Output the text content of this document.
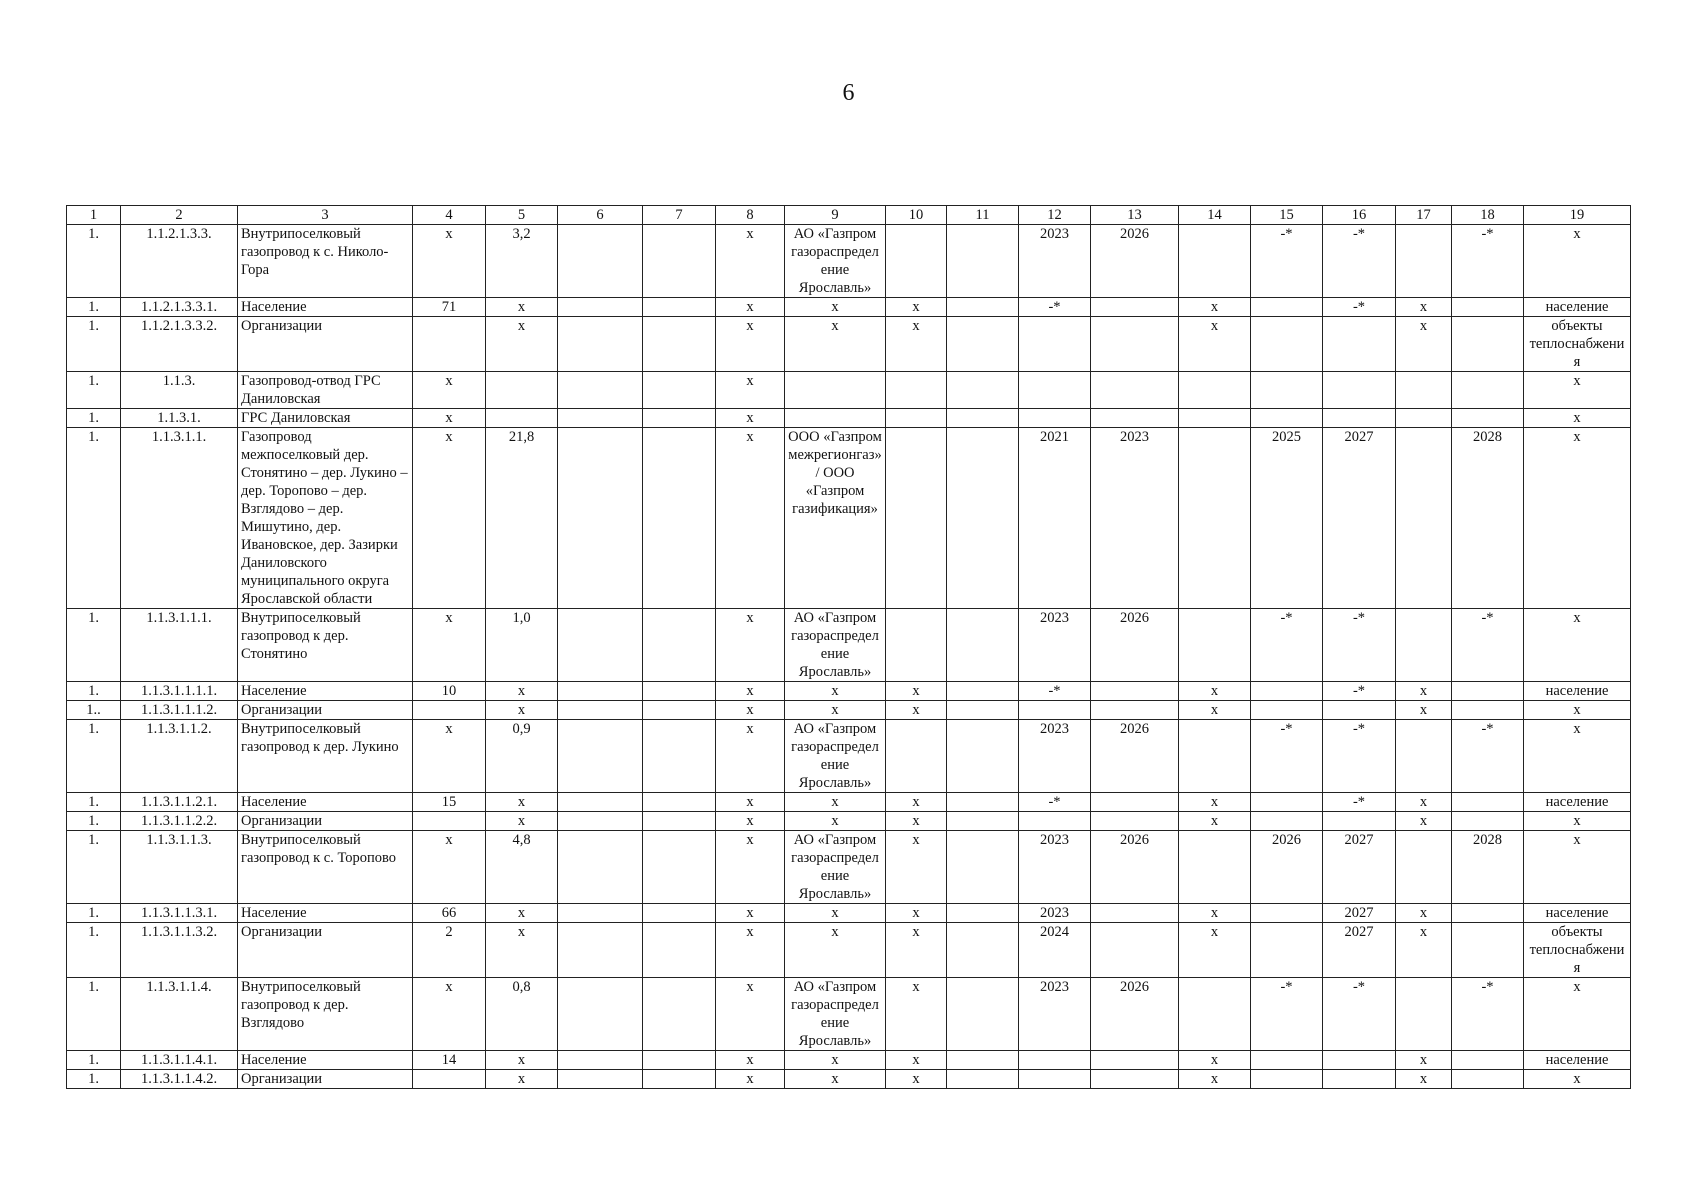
6
1	2	3	4	5	6	7	8	9	10	11	12	13	14	15	16	17	18	19
1.	1.1.2.1.3.3.	Внутрипоселковый газопровод к с. Николо-Гора	х	3,2			х	АО «Газпром газораспределение Ярославль»			2023	2026		-*	-*		-*	х
1.	1.1.2.1.3.3.1.	Население	71	х			х	х	х		-*		х		-*	х		население
1.	1.1.2.1.3.3.2.	Организации		х			х	х	х				х			х		объекты теплоснабжения
1.	1.1.3.	Газопровод-отвод ГРС Даниловская	х				х											х
1.	1.1.3.1.	ГРС Даниловская	х				х											х
1.	1.1.3.1.1.	Газопровод межпоселковый дер. Стонятино – дер. Лукино – дер. Торопово – дер. Взглядово – дер. Мишутино, дер. Ивановское, дер. Зазирки Даниловского муниципального округа Ярославской области	х	21,8			х	ООО «Газпром межрегионгаз»/ ООО «Газпром газификация»			2021	2023		2025	2027		2028	х
1.	1.1.3.1.1.1.	Внутрипоселковый газопровод к дер. Стонятино	х	1,0			х	АО «Газпром газораспределение Ярославль»			2023	2026		-*	-*		-*	х
1.	1.1.3.1.1.1.1.	Население	10	х			х	х	х		-*		х		-*	х		население
1..	1.1.3.1.1.1.2.	Организации		х			х	х	х				х			х		х
1.	1.1.3.1.1.2.	Внутрипоселковый газопровод к дер. Лукино	х	0,9			х	АО «Газпром газораспределение Ярославль»			2023	2026		-*	-*		-*	х
1.	1.1.3.1.1.2.1.	Население	15	х			х	х	х		-*		х		-*	х		население
1.	1.1.3.1.1.2.2.	Организации		х			х	х	х				х			х		х
1.	1.1.3.1.1.3.	Внутрипоселковый газопровод к с. Торопово	х	4,8			х	АО «Газпром газораспределение Ярославль»	х		2023	2026		2026	2027		2028	х
1.	1.1.3.1.1.3.1.	Население	66	х			х	х	х		2023		х		2027	х		население
1.	1.1.3.1.1.3.2.	Организации	2	х			х	х	х		2024		х		2027	х		объекты теплоснабжения
1.	1.1.3.1.1.4.	Внутрипоселковый газопровод к дер. Взглядово	х	0,8			х	АО «Газпром газораспределение Ярославль»	х		2023	2026		-*	-*		-*	х
1.	1.1.3.1.1.4.1.	Население	14	х			х	х	х				х			х		население
1.	1.1.3.1.1.4.2.	Организации		х			х	х	х				х			х		х
